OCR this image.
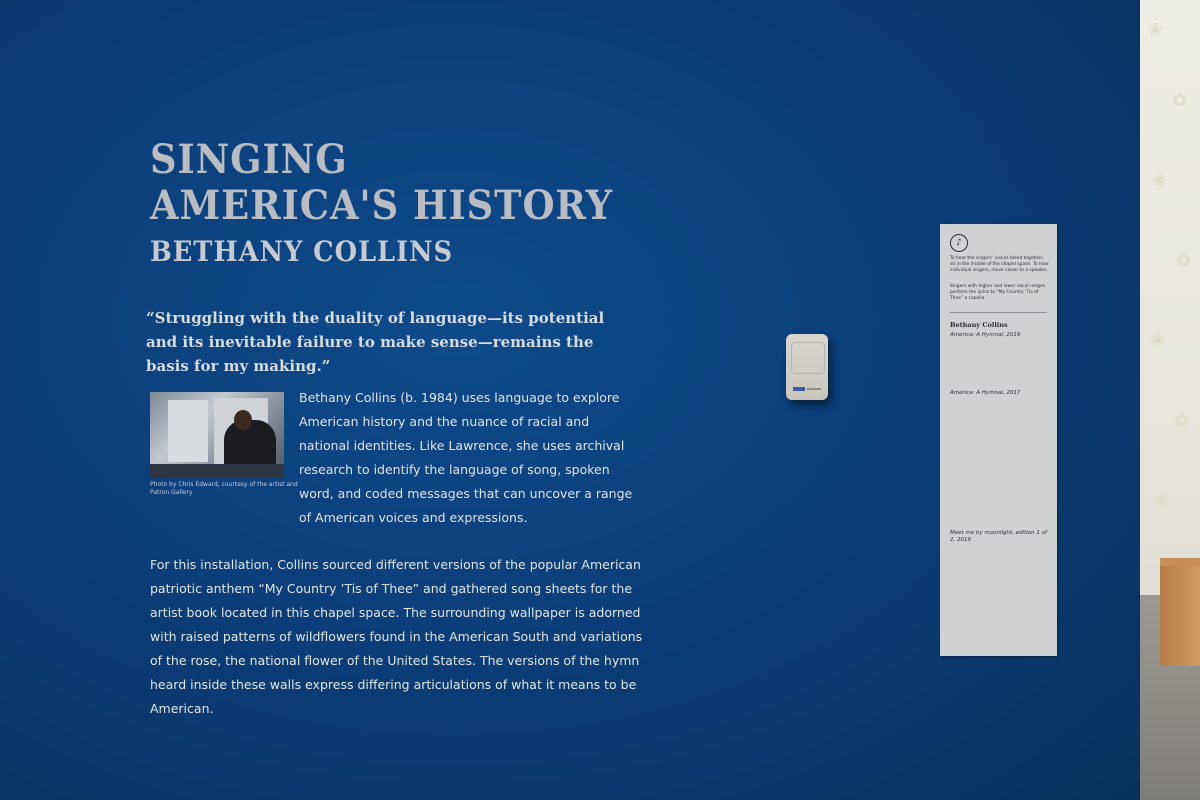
❀
✿
❀
✿
❀
✿
❀
SINGING
AMERICA'S HISTORY
BETHANY COLLINS
“Struggling with the duality of language—its potential and its inevitable failure to make sense—remains the basis for my making.”
Photo by Chris Edward, courtesy of the artist and Patron Gallery
Bethany Collins (b. 1984) uses language to explore American history and the nuance of racial and national identities. Like Lawrence, she uses archival research to identify the language of song, spoken word, and coded messages that can uncover a range of American voices and expressions.
For this installation, Collins sourced different versions of the popular American patriotic anthem “My Country ’Tis of Thee” and gathered song sheets for the artist book located in this chapel space. The surrounding wallpaper is adorned with raised patterns of wildflowers found in the American South and variations of the rose, the national flower of the United States. The versions of the hymn heard inside these walls express differing articulations of what it means to be American.
♪
To hear the singers’ voices blend together, sit in the middle of the chapel space. To hear individual singers, move closer to a speaker.
Singers with higher and lower vocal ranges perform the lyrics to “My Country ’Tis of Thee” a capella.
Bethany Collins
America: A Hymnal, 2019
America: A Hymnal, 2017
Meet me by moonlight, edition 1 of 2, 2019
